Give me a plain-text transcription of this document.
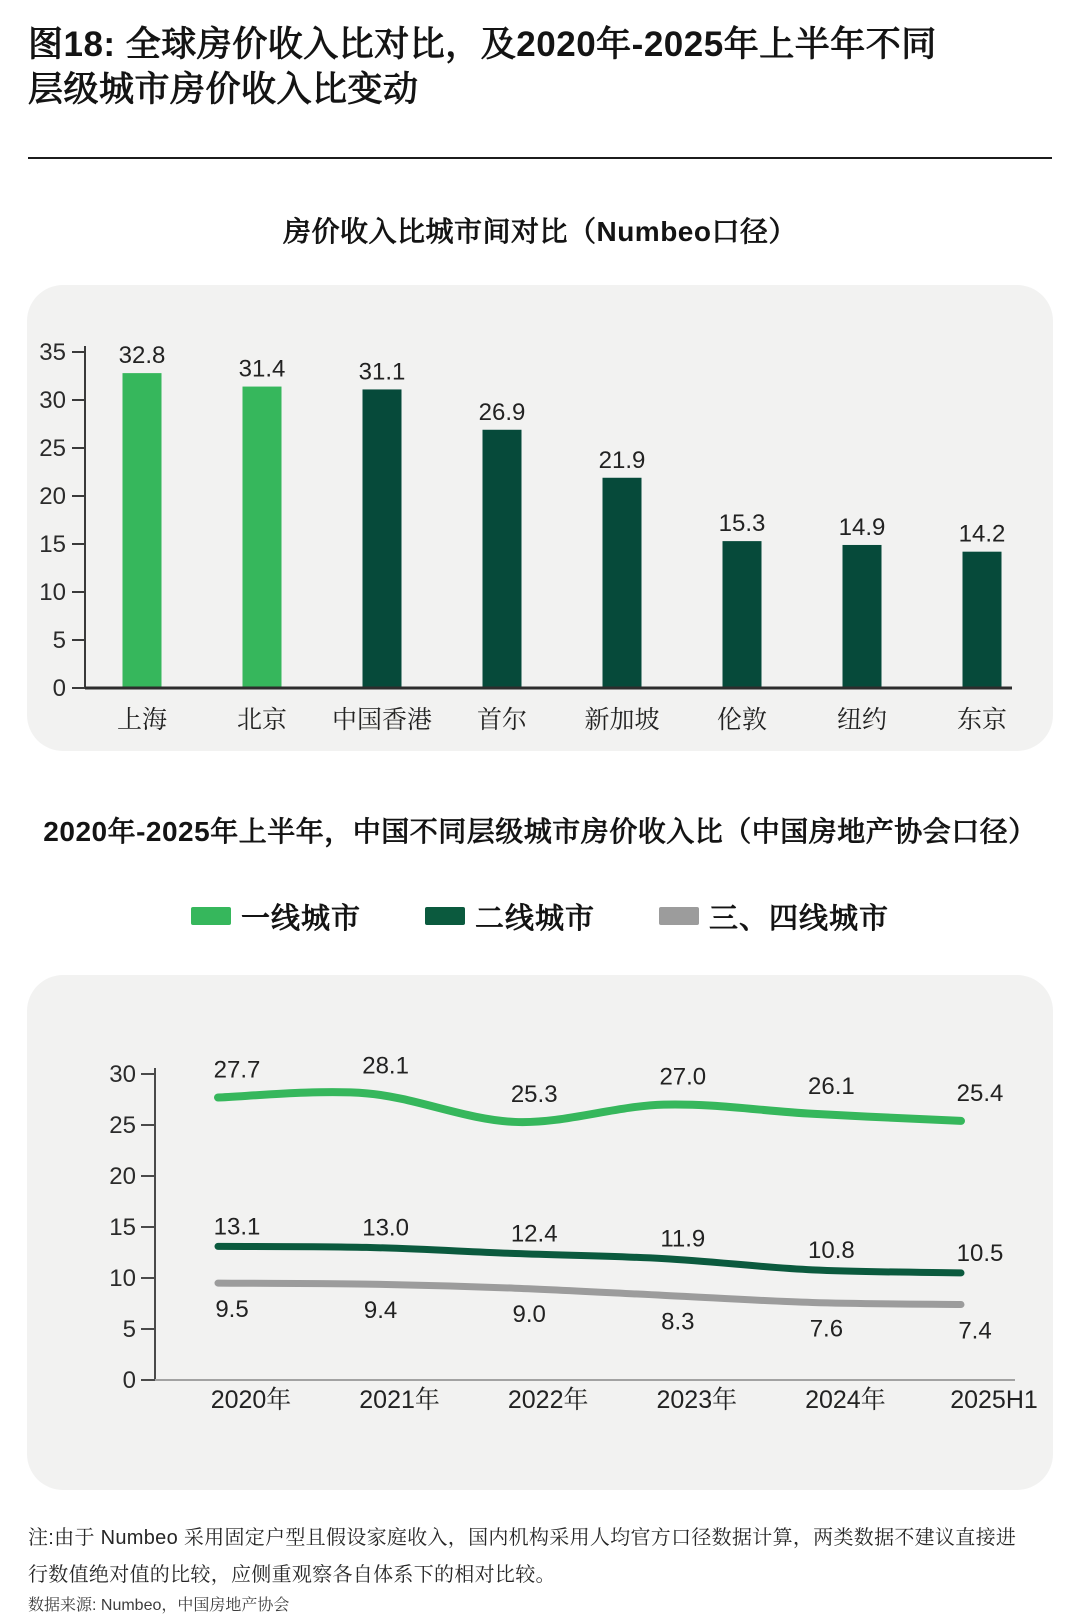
图18: 全球房价收入比对比，及2020年-2025年上半年不同
层级城市房价收入比变动
房价收入比城市间对比（Numbeo口径）
0
5
10
15
20
25
30
35 32.8
上海
31.4
北京
31.1
中国香港
26.9
首尔
21.9
新加坡
15.3
伦敦
14.9
纽约
14.2
东京
2020年-2025年上半年，中国不同层级城市房价收入比（中国房地产协会口径）
一线城市	二线城市	三、四线城市
0
5
10
15
20
25
30
2020年	2021年	2022年	2023年	2024年	2025H1
27.7	28.1
25.3
27.0	26.1	25.4
13.1	13.0	12.4	11.9	10.8	10.5
9.5	9.4	9.0	8.3	7.6	7.4
注:由于 Numbeo 采用固定户型且假设家庭收入，国内机构采用人均官方口径数据计算，两类数据不建议直接进行数值绝对值的比较，应侧重观察各自体系下的相对比较。
数据来源: Numbeo，中国房地产协会
